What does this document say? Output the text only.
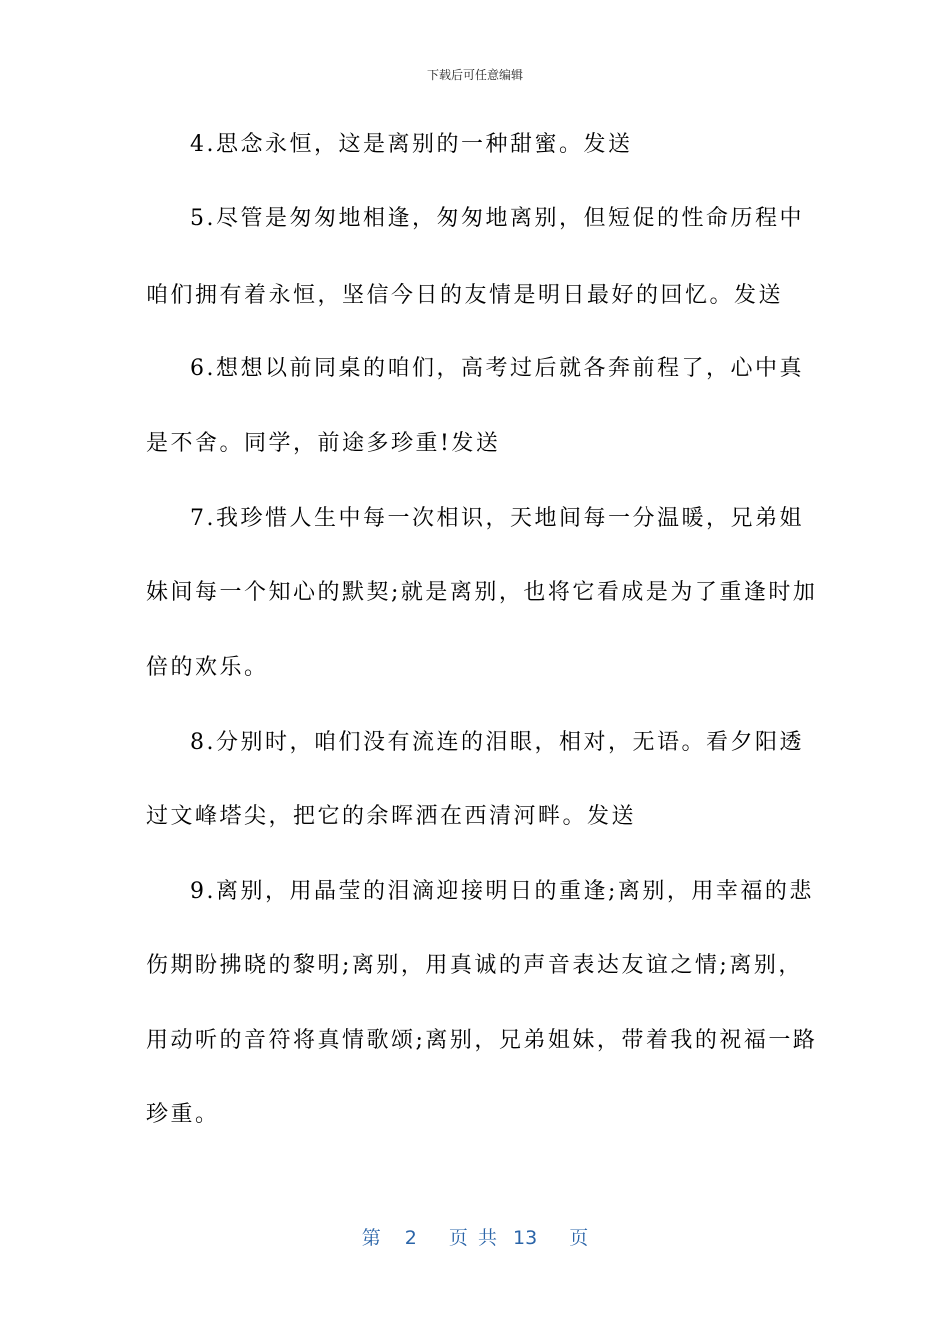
下载后可任意编辑
4.思念永恒，这是离别的一种甜蜜。发送
5.尽管是匆匆地相逢，匆匆地离别，但短促的性命历程中
咱们拥有着永恒，坚信今日的友情是明日最好的回忆。发送
6.想想以前同桌的咱们，高考过后就各奔前程了，心中真
是不舍。同学，前途多珍重!发送
7.我珍惜人生中每一次相识，天地间每一分温暖，兄弟姐
妹间每一个知心的默契;就是离别，也将它看成是为了重逢时加
倍的欢乐。
8.分别时，咱们没有流连的泪眼，相对，无语。看夕阳透
过文峰塔尖，把它的余晖洒在西清河畔。发送
9.离别，用晶莹的泪滴迎接明日的重逢;离别，用幸福的悲
伤期盼拂晓的黎明;离别，用真诚的声音表达友谊之情;离别，
用动听的音符将真情歌颂;离别，兄弟姐妹，带着我的祝福一路
珍重。
第 2 页 共 13 页
